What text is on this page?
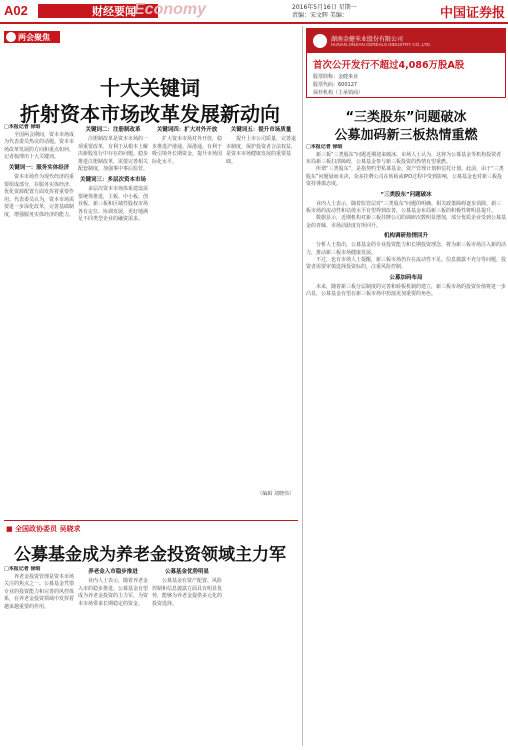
A02	财经要闻
Economy	2016年5月16日 星期一
责编：宋文晖 美编：	中国证券报
两会聚焦
十大关键词
折射资本市场改革发展新动向

□本报记者 徐昭

全国两会期间，资本市场成为代表委员热议的话题。资本市场改革发展的方向和重点如何，记者梳理出十大关键词。

关键词一：服务实体经济

资本市场作为现代经济的重要组成部分，在服务实体经济、优化资源配置方面发挥着重要作用。代表委员认为，资本市场需要进一步深化改革，完善基础制度，增强服务实体经济的能力。

关键词二：注册制改革

注册制改革是资本市场的一项重要改革，有利于从根本上解决新股发行中存在的问题。稳步推进注册制改革，需要完善相关配套制度，加强事中事后监管。

关键词三：多层次资本市场

多层次资本市场体系建设需要统筹推进，主板、中小板、创业板、新三板和区域性股权市场各有定位、协调发展，更好地满足不同类型企业的融资需求。

关键词四：扩大对外开放

扩大资本市场对外开放，稳步推进沪港通、深港通，有利于吸引境外长期资金，提升市场国际化水平。

关键词五：提升市场质量

提升上市公司质量，完善退市制度，保护投资者合法权益，是资本市场健康发展的重要基础。

（编辑 刘晓伟）
■ 全国政协委员 吴晓求
公募基金成为养老金投资领域主力军

□本报记者 徐昭

养老金投资管理是资本市场关注的焦点之一。公募基金凭借专业的投资能力和完善的风控体系，在养老金投资领域中发挥着越来越重要的作用。

养老金入市稳步推进

业内人士表示，随着养老金入市的稳步推进，公募基金有望成为养老金投资的主力军，为资本市场带来长期稳定的资金。

公募基金优势明显

公募基金在资产配置、风险控制和信息披露方面具有明显优势，能够为养老金提供多元化的投资选择。

湖南金健米业股份有限公司
HUNAN JINJIAN CEREALS INDUSTRY CO.,LTD.
首次公开发行不超过4,086万股A股
股票简称：金健米业
股票代码：600127
保荐机构（主承销商）
“三类股东”问题破冰
公募加码新三板热情重燃

□本报记者 徐昭

新三板“三类股东”问题近期迎来破冰，市场人士认为，这将为公募基金等机构投资者布局新三板扫清障碍，公募基金参与新三板投资的热情有望重燃。

所谓“三类股东”，是指契约型私募基金、资产管理计划和信托计划。此前，由于“三类股东”问题悬而未决，众多挂牌公司在转板或IPO过程中受到影响，公募基金也对新三板投资持谨慎态度。

“三类股东”问题破冰

业内人士表示，随着监管层对“三类股东”问题的明确，相关政策障碍逐步消除，新三板市场的流动性和估值水平有望得到改善，公募基金布局新三板的积极性将明显提升。

数据显示，近期机构对新三板挂牌公司的调研次数明显增加，部分优质企业受到公募基金的青睐，市场活跃度有所回升。

机构调研热情回升

分析人士指出，公募基金的专业投资能力和长期投资理念，将为新三板市场注入新的活力，推动新三板市场健康发展。

不过，也有市场人士提醒，新三板市场仍存在流动性不足、信息披露不充分等问题，投资者需要审慎选择投资标的，注重风险控制。

公募加码布局

未来，随着新三板分层制度的完善和转板机制的建立，新三板市场的投资价值将进一步凸显，公募基金有望在新三板市场中扮演更加重要的角色。
